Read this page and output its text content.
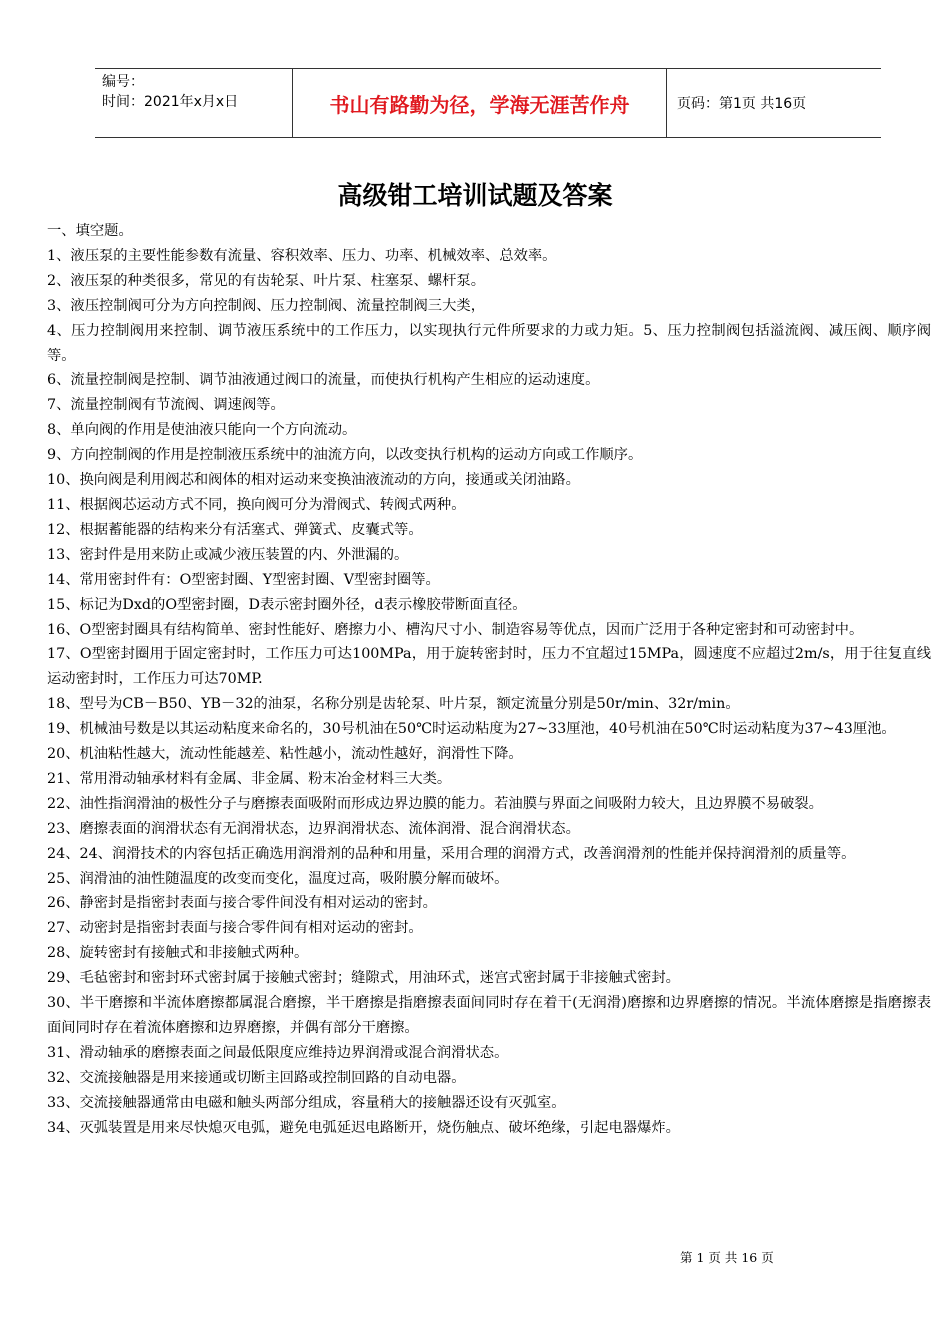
编号：
时间：2021年x月x日	书山有路勤为径，学海无涯苦作舟	页码：第1页 共16页
高级钳工培训试题及答案

一、填空题。

1、液压泵的主要性能参数有流量、容积效率、压力、功率、机械效率、总效率。

2、液压泵的种类很多，常见的有齿轮泵、叶片泵、柱塞泵、螺杆泵。

3、液压控制阀可分为方向控制阀、压力控制阀、流量控制阀三大类，

4、压力控制阀用来控制、调节液压系统中的工作压力，以实现执行元件所要求的力或力矩。5、压力控制阀包括溢流阀、减压阀、顺序阀等。

6、流量控制阀是控制、调节油液通过阀口的流量，而使执行机构产生相应的运动速度。

7、流量控制阀有节流阀、调速阀等。

8、单向阀的作用是使油液只能向一个方向流动。

9、方向控制阀的作用是控制液压系统中的油流方向，以改变执行机构的运动方向或工作顺序。

10、换向阀是利用阀芯和阀体的相对运动来变换油液流动的方向，接通或关闭油路。

11、根据阀芯运动方式不同，换向阀可分为滑阀式、转阀式两种。

12、根据蓄能器的结构来分有活塞式、弹簧式、皮囊式等。

13、密封件是用来防止或减少液压装置的内、外泄漏的。

14、常用密封件有：O型密封圈、Y型密封圈、V型密封圈等。

15、标记为Dxd的O型密封圈，D表示密封圈外径，d表示橡胶带断面直径。

16、O型密封圈具有结构简单、密封性能好、磨擦力小、槽沟尺寸小、制造容易等优点，因而广泛用于各种定密封和可动密封中。

17、O型密封圈用于固定密封时，工作压力可达100MPa，用于旋转密封时，压力不宜超过15MPa，圆速度不应超过2m/s，用于往复直线运动密封时，工作压力可达70MP.

18、型号为CB－B50、YB－32的油泵，名称分别是齿轮泵、叶片泵，额定流量分别是50r/min、32r/min。

19、机械油号数是以其运动粘度来命名的，30号机油在50℃时运动粘度为27~33厘池，40号机油在50℃时运动粘度为37~43厘池。

20、机油粘性越大，流动性能越差、粘性越小，流动性越好，润滑性下降。

21、常用滑动轴承材料有金属、非金属、粉末冶金材料三大类。

22、油性指润滑油的极性分子与磨擦表面吸附而形成边界边膜的能力。若油膜与界面之间吸附力较大，且边界膜不易破裂。

23、磨擦表面的润滑状态有无润滑状态，边界润滑状态、流体润滑、混合润滑状态。

24、24、润滑技术的内容包括正确选用润滑剂的品种和用量，采用合理的润滑方式，改善润滑剂的性能并保持润滑剂的质量等。

25、润滑油的油性随温度的改变而变化，温度过高，吸附膜分解而破坏。

26、静密封是指密封表面与接合零件间没有相对运动的密封。

27、动密封是指密封表面与接合零件间有相对运动的密封。

28、旋转密封有接触式和非接触式两种。

29、毛毡密封和密封环式密封属于接触式密封；缝隙式，用油环式，迷宫式密封属于非接触式密封。

30、半干磨擦和半流体磨擦都属混合磨擦，半干磨擦是指磨擦表面间同时存在着干(无润滑)磨擦和边界磨擦的情况。半流体磨擦是指磨擦表面间同时存在着流体磨擦和边界磨擦，并偶有部分干磨擦。

31、滑动轴承的磨擦表面之间最低限度应维持边界润滑或混合润滑状态。

32、交流接触器是用来接通或切断主回路或控制回路的自动电器。

33、交流接触器通常由电磁和触头两部分组成，容量稍大的接触器还设有灭弧室。

34、灭弧装置是用来尽快熄灭电弧，避免电弧延迟电路断开，烧伤触点、破坏绝缘，引起电器爆炸。

第 1 页 共 16 页
